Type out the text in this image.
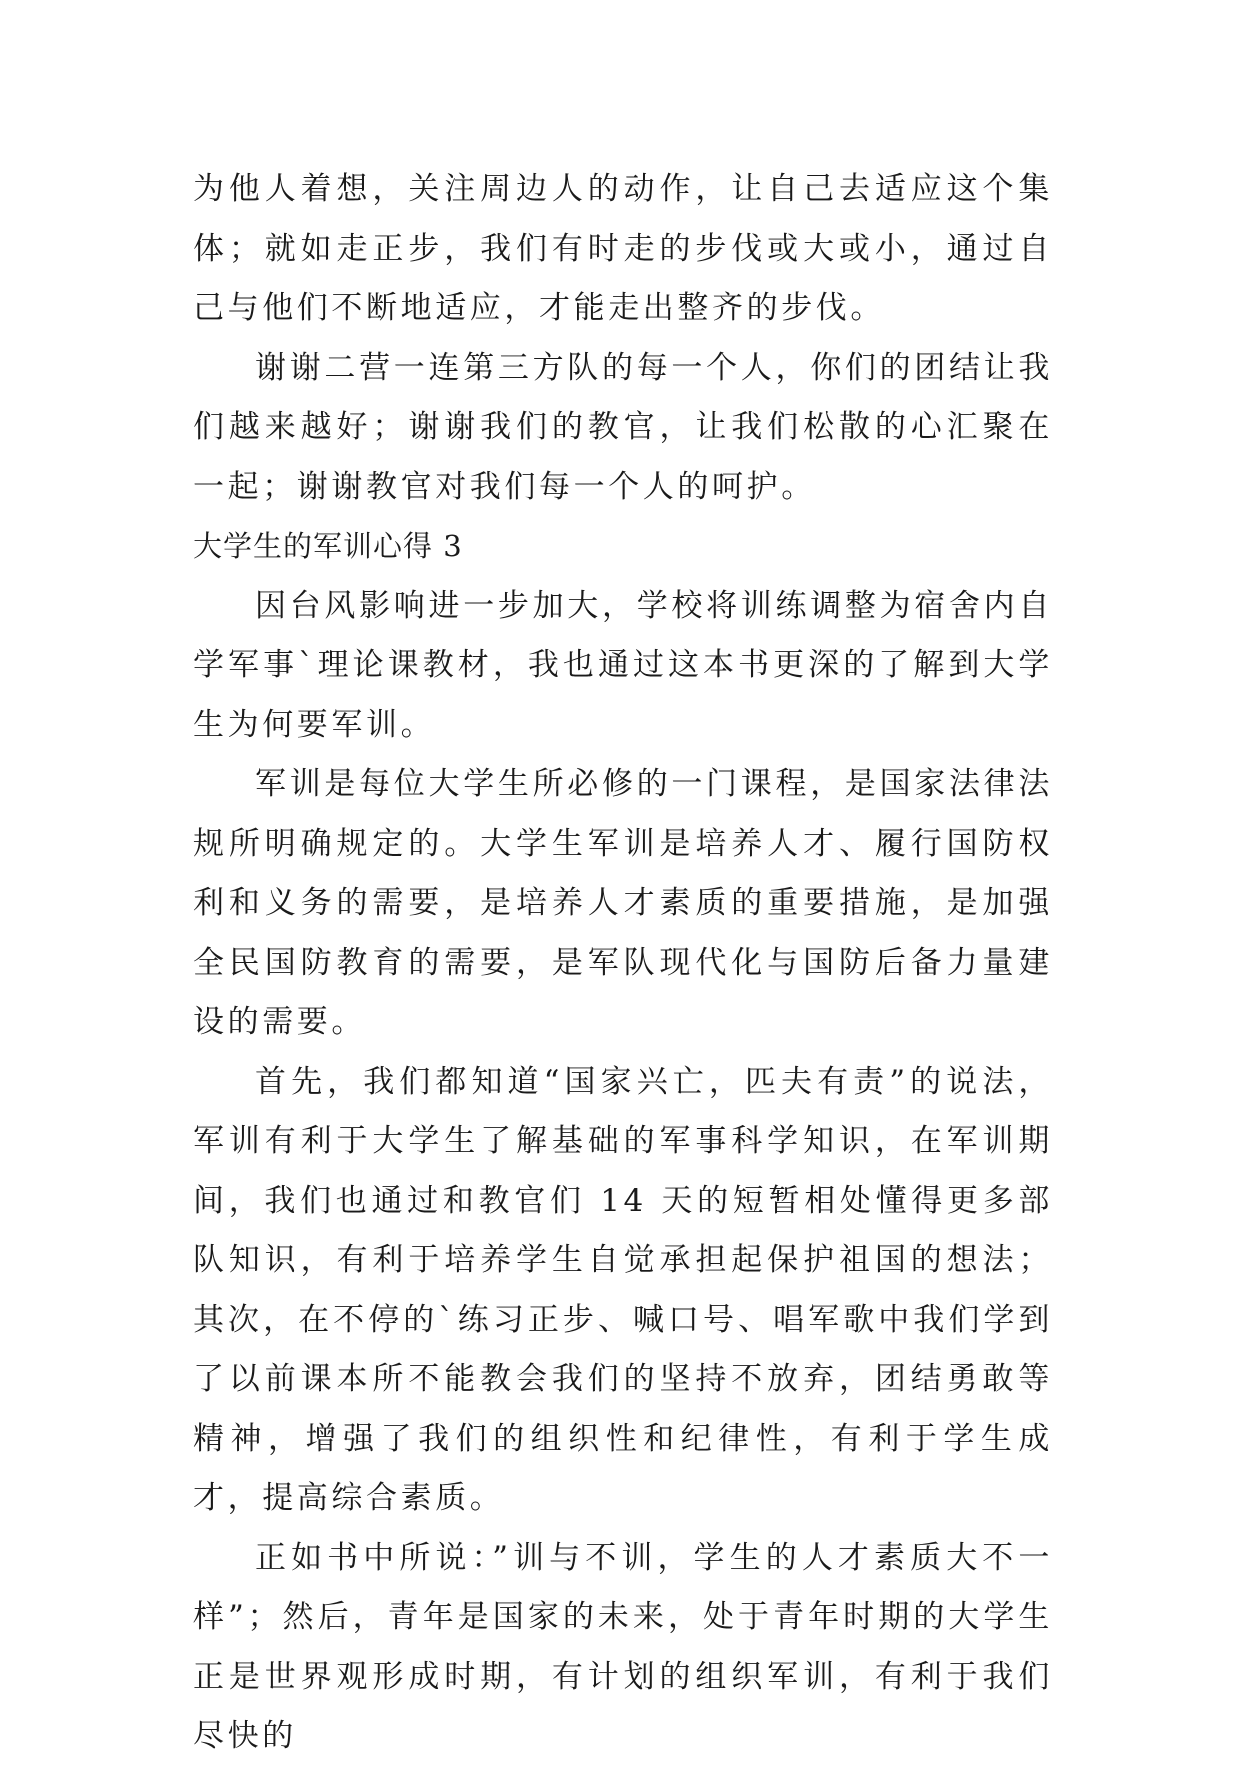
为他人着想，关注周边人的动作，让自己去适应这个集体；就如走正步，我们有时走的步伐或大或小，通过自己与他们不断地适应，才能走出整齐的步伐。

谢谢二营一连第三方队的每一个人，你们的团结让我们越来越好；谢谢我们的教官，让我们松散的心汇聚在一起；谢谢教官对我们每一个人的呵护。

大学生的军训心得 3

因台风影响进一步加大，学校将训练调整为宿舍内自学军事`理论课教材，我也通过这本书更深的了解到大学生为何要军训。

军训是每位大学生所必修的一门课程，是国家法律法规所明确规定的。大学生军训是培养人才、履行国防权利和义务的需要，是培养人才素质的重要措施，是加强全民国防教育的需要，是军队现代化与国防后备力量建设的需要。

首先，我们都知道“国家兴亡，匹夫有责”的说法，军训有利于大学生了解基础的军事科学知识，在军训期间，我们也通过和教官们 14 天的短暂相处懂得更多部队知识，有利于培养学生自觉承担起保护祖国的想法；其次，在不停的`练习正步、喊口号、唱军歌中我们学到了以前课本所不能教会我们的坚持不放弃，团结勇敢等精神，增强了我们的组织性和纪律性，有利于学生成才，提高综合素质。

正如书中所说：”训与不训，学生的人才素质大不一样”；然后，青年是国家的未来，处于青年时期的大学生正是世界观形成时期，有计划的组织军训，有利于我们尽快的
